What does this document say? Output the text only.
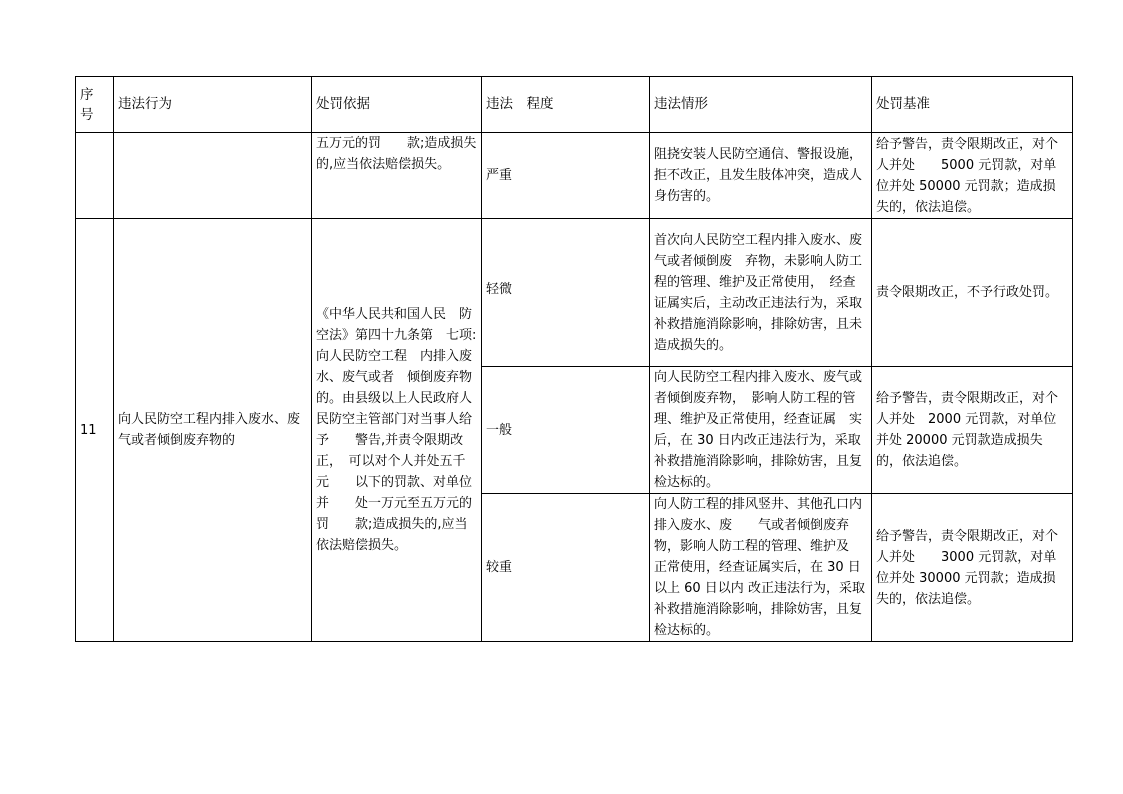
序
号	违法行为	处罚依据	违法　程度	违法情形	处罚基准
		五万元的罚　　款;造成损失的,应当依法赔偿损失。	严重	阻挠安装人民防空通信、警报设施，拒不改正，且发生肢体冲突，造成人身伤害的。	给予警告，责令限期改正，对个人并处　　5000 元罚款，对单位并处 50000 元罚款；造成损失的，依法追偿。
11	向人民防空工程内排入废水、废气或者倾倒废弃物的	《中华人民共和国人民　防空法》第四十九条第　七项:向人民防空工程　内排入废水、废气或者　倾倒废弃物的。由县级以上人民政府人民防空主管部门对当事人给予　　警告,并责令限期改正，　可以对个人并处五千元　　以下的罚款、对单位并　　处一万元至五万元的罚　　款;造成损失的,应当依法赔偿损失。	轻微	首次向人民防空工程内排入废水、废气或者倾倒废　弃物，未影响人防工程的管理、维护及正常使用，　经查证属实后，主动改正违法行为，采取补救措施消除影响，排除妨害，且未造成损失的。	责令限期改正，不予行政处罚。
			一般	向人民防空工程内排入废水、废气或者倾倒废弃物，　影响人防工程的管理、维护及正常使用，经查证属　实后，在 30 日内改正违法行为，采取补救措施消除影响，排除妨害，且复检达标的。	给予警告，责令限期改正，对个人并处　2000 元罚款，对单位并处 20000 元罚款造成损失的，依法追偿。
			较重	向人防工程的排风竖井、其他孔口内排入废水、废　　气或者倾倒废弃物，影响人防工程的管理、维护及　正常使用，经查证属实后，在 30 日以上 60 日以内 改正违法行为，采取补救措施消除影响，排除妨害，且复检达标的。	给予警告，责令限期改正，对个人并处　　3000 元罚款，对单位并处 30000 元罚款；造成损失的，依法追偿。
